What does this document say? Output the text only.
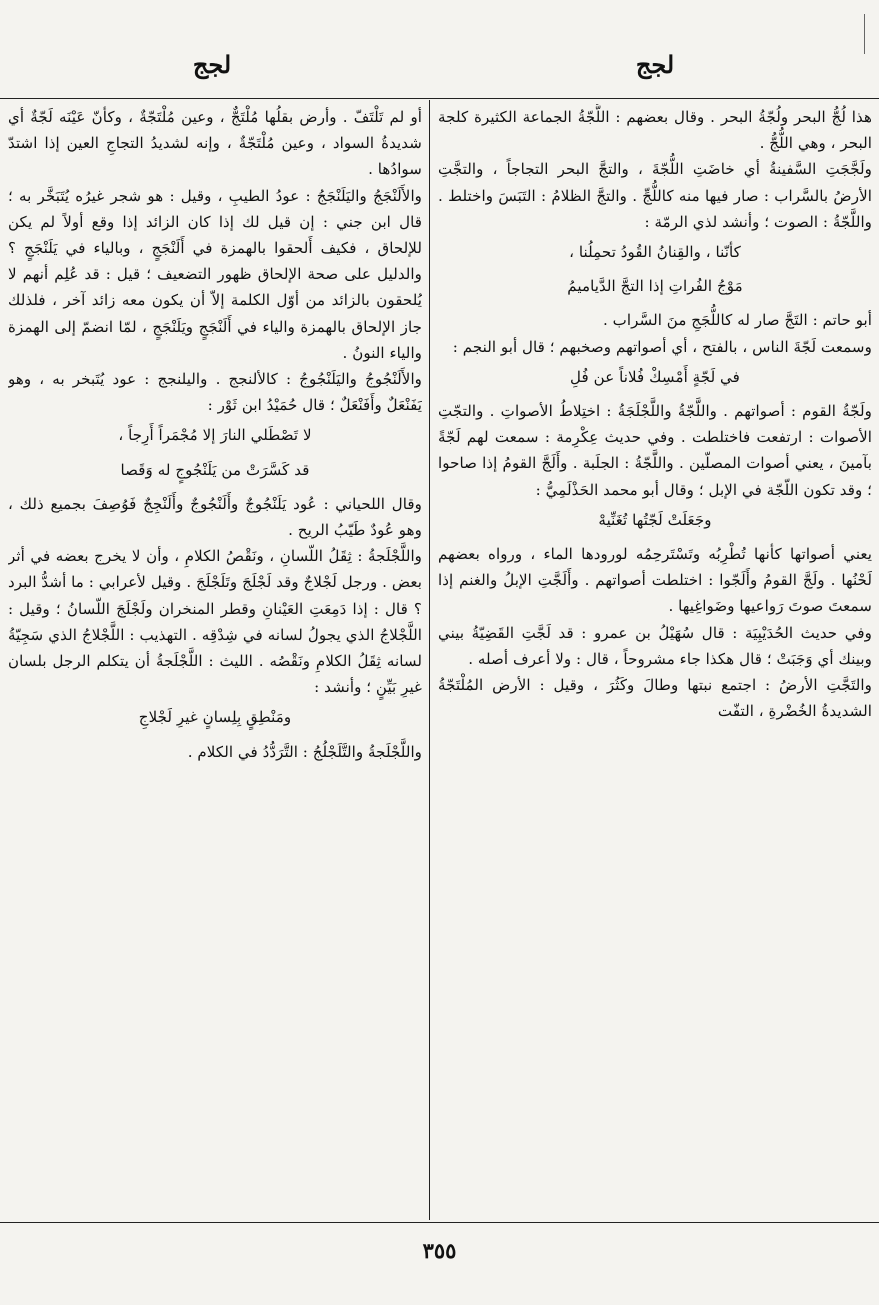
لجج
لجج

هذا لُجُّ البحر ولُجّةُ البحر . وقال بعضهم : اللُّجّةُ الجماعة الكثيرة كلجة البحر ، وهي اللُّجُّ .

ولَجَّجَتِ السَّفينةُ أي خاضَتِ اللُّجّةَ ، والتجَّ البحر التجاجاً ، والتجَّتِ الأرضُ بالسَّراب : صار فيها منه كاللُّجِّ . والتجَّ الظلامُ : التَبَسَ واختلط . واللَّجّةُ : الصوت ؛ وأنشد لذي الرمّة :

كأنّنا ، والقِنانُ القُودُ تحمِلُنا ،

مَوْجُ الفُراتِ إذا التجَّ الدَّياميمُ

أبو حاتم : التَجَّ صار له كاللُّجَجِ منَ السَّراب .

وسمعت لَجّةَ الناس ، بالفتح ، أي أصواتهم وصخبهم ؛ قال أبو النجم :

في لَجّةٍ أَمْسِكْ فُلاناً عن فُلِ

ولَجّةُ القوم : أصواتهم . واللَّجّةُ واللَّجْلَجَةُ : اختِلاطُ الأصواتِ . والتجّتِ الأصوات : ارتفعت فاختلطت . وفي حديث عِكْرِمة : سمعت لهم لَجّةً بآمينَ ، يعني أصوات المصلّين . واللَّجّةُ : الجلَبة . وأَلَجَّ القومُ إذا صاحوا ؛ وقد تكون اللّجّة في الإبل ؛ وقال أبو محمد الحَذْلَمِيُّ :

وجَعَلَتْ لَجّتُها تُغَنِّيهْ

يعني أصواتها كأنها تُطْرِبُه وتَسْتَرحِمُه لورودها الماء ، ورواه بعضهم لَحْنُها . ولَجَّ القومُ وأَلَجّوا : اختلطت أصواتهم . وأَلَجَّتِ الإبلُ والغنم إذا سمعتَ صوتَ رَواعيها وضَواغِيها .

وفي حديث الحُدَيْبِيَة : قال سُهَيْلُ بن عمرو : قد لَجَّتِ القَضِيّةُ بيني وبينك أي وَجَبَتْ ؛ قال هكذا جاء مشروحاً ، قال : ولا أعرف أصله .

والتَجَّتِ الأرضُ : اجتمع نبتها وطالَ وكَثُرَ ، وقيل : الأرض المُلْتَجّةُ الشديدةُ الخُضْرةِ ، التفّت

أو لم تَلْتَفّ . وأرض بقلُها مُلْتَجٌّ ، وعين مُلْتَجّةٌ ، وكأنّ عَيْنَه لَجّةٌ أي شديدةُ السواد ، وعين مُلْتَجّةٌ ، وإنه لشديدُ التجاجِ العين إذا اشتدّ سوادُها .

والأَلَنْجَجُ واليَلَنْجَجُ : عودُ الطيبِ ، وقيل : هو شجر غيرُه يُتَبَخَّر به ؛ قال ابن جني : إن قيل لك إذا كان الزائد إذا وقع أولاً لم يكن للإلحاق ، فكيف أَلحقوا بالهمزة في أَلَنْجَجٍ ، وبالياء في يَلَنْجَجٍ ؟ والدليل على صحة الإلحاق ظهور التضعيف ؛ قيل : قد عُلِم أنهم لا يُلحقون بالزائد من أوّل الكلمة إلاّ أن يكون معه زائد آخر ، فلذلك جاز الإلحاق بالهمزة والياء في أَلَنْجَجٍ ويَلَنْجَجٍ ، لمّا انضمّ إلى الهمزة والياء النونُ .

والأَلَنْجُوجُ واليَلَنْجُوجُ : كالألنجج . واليلنجج : عود يُتَبخر به ، وهو يَفَنْعَلٌ وأَفَنْعَلٌ ؛ قال حُمَيْدُ ابن ثَوْر :

لا تَصْطَلي النارَ إلا مُجْمَراً أَرِجاً ،

قد كَسَّرَتْ من يَلَنْجُوجٍ له وَقَصا

وقال اللحياني : عُود يَلَنْجُوجٌ وأَلَنْجُوجٌ وأَلَنْجِجٌ فَوُصِفَ بجميع ذلك ، وهو عُودٌ طَيّبُ الريح .

واللَّجْلَجةُ : ثِقَلُ اللّسانِ ، ونَقْصُ الكلامِ ، وأن لا يخرج بعضه في أثر بعض . ورجل لَجْلاجٌ وقد لَجْلَجَ وتَلَجْلَجَ . وقيل لأعرابي : ما أشدُّ البرد ؟ قال : إذا دَمِعَتِ العَيْنانِ وقطر المنخران ولَجْلَجَ اللّسانُ ؛ وقيل : اللَّجْلاجُ الذي يجولُ لسانه في شِدْقِه . التهذيب : اللَّجْلاجُ الذي سَجِيّةُ لسانه ثِقَلُ الكلامِ ونَقْصُه . الليث : اللَّجْلَجةُ أن يتكلم الرجل بلسان غيرِ بَيِّنٍ ؛ وأنشد :

ومَنْطِقٍ بِلِسانٍ غيرِ لَجْلاجِ

واللَّجْلَجةُ والتَّلَجْلُجُ : التَّرَدُّدُ في الكلام .

٣٥٥
